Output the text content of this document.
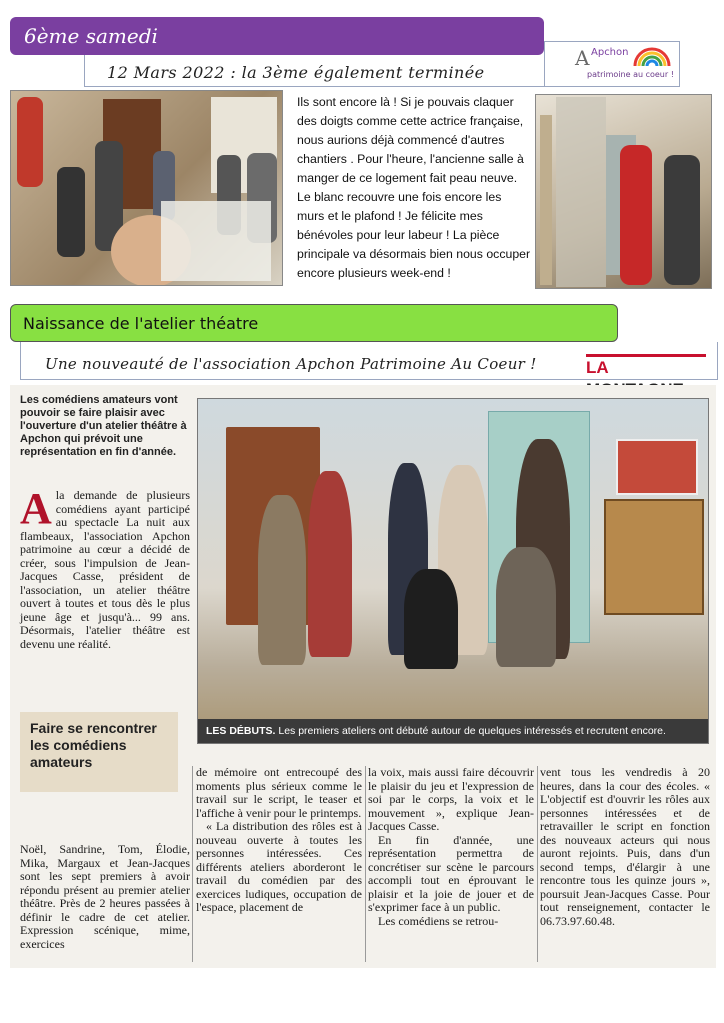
6ème samedi
12 Mars 2022 : la 3ème également terminée
A Apchon
patrimoine au coeur !
Ils sont encore là ! Si je pouvais claquer des doigts comme cette actrice française, nous aurions déjà commencé d'autres chantiers . Pour l'heure, l'ancienne salle à manger de ce logement fait peau neuve. Le blanc recouvre une fois encore les murs et le plafond ! Je félicite mes bénévoles pour leur labeur ! La pièce principale va désormais bien nous occuper encore plusieurs week-end !
Naissance de l'atelier théatre
Une nouveauté de l'association Apchon Patrimoine Au Coeur !	LA
Les comédiens amateurs vont pouvoir se faire plaisir avec l'ouverture d'un atelier théâtre à Apchon qui prévoit une représentation en fin d'année.
A la demande de plusieurs comédiens ayant participé au spectacle La nuit aux flambeaux, l'association Apchon patrimoine au cœur a décidé de créer, sous l'impulsion de Jean-Jacques Casse, président de l'association, un atelier théâtre ouvert à toutes et tous dès le plus jeune âge et jusqu'à... 99 ans. Désormais, l'atelier théâtre est devenu une réalité.
Faire se rencontrer les comédiens amateurs
Noël, Sandrine, Tom, Élodie, Mika, Margaux et Jean-Jacques sont les sept premiers à avoir répondu présent au premier atelier théâtre. Près de 2 heures passées à définir le cadre de cet atelier. Expression scénique, mime, exercices
de mémoire ont entrecoupé des moments plus sérieux comme le travail sur le script, le teaser et l'affiche à venir pour le printemps.
« La distribution des rôles est à nouveau ouverte à toutes les personnes intéressées. Ces différents ateliers aborderont le travail du comédien par des exercices ludiques, occupation de l'espace, placement de
la voix, mais aussi faire découvrir le plaisir du jeu et l'expression de soi par le corps, la voix et le mouvement », explique Jean-Jacques Casse.
En fin d'année, une représentation permettra de concrétiser sur scène le parcours accompli tout en éprouvant le plaisir et la joie de jouer et de s'exprimer face à un public.
Les comédiens se retrou-
vent tous les vendredis à 20 heures, dans la cour des écoles. « L'objectif est d'ouvrir les rôles aux personnes intéressées et de retravailler le script en fonction des nouveaux acteurs qui nous auront rejoints. Puis, dans d'un second temps, d'élargir à une rencontre tous les quinze jours », poursuit Jean-Jacques Casse. Pour tout renseignement, contacter le 06.73.97.60.48.
LES DÉBUTS. Les premiers ateliers ont débuté autour de quelques intéressés et recrutent encore.
